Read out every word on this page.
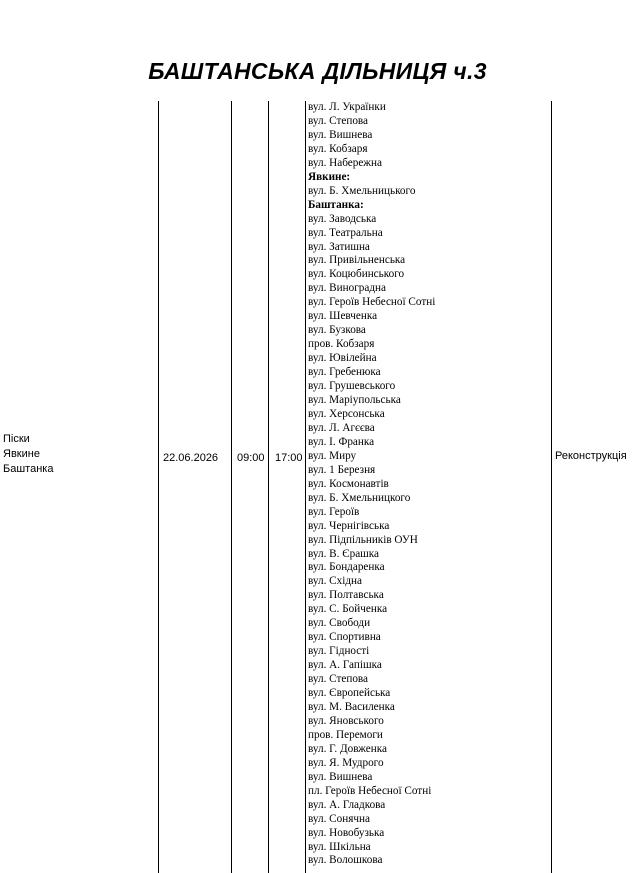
БАШТАНСЬКА ДІЛЬНИЦЯ ч.3
Піски
Явкине
Баштанка
22.06.2026 09:00 17:00
вул. Л. Українки
вул. Степова
вул. Вишнева
вул. Кобзаря
вул. Набережна
Явкине:
вул. Б. Хмельницького
Баштанка:
вул. Заводська
вул. Театральна
вул. Затишна
вул. Привільненська
вул. Коцюбинського
вул. Виноградна
вул. Героїв Небесної Сотні
вул. Шевченка
вул. Бузкова
пров. Кобзаря
вул. Ювілейна
вул. Гребенюка
вул. Грушевського
вул. Маріупольська
вул. Херсонська
вул. Л. Агєєва
вул. І. Франка
вул. Миру
вул. 1 Березня
вул. Космонавтів
вул. Б. Хмельницкого
вул. Героїв
вул. Чернігівська
вул. Підпільників ОУН
вул. В. Єрашка
вул. Бондаренка
вул. Східна
вул. Полтавська
вул. С. Бойченка
вул. Свободи
вул. Спортивна
вул. Гідності
вул. А. Гапішка
вул. Степова
вул. Європейська
вул. М. Василенка
вул. Яновського
пров. Перемоги
вул. Г. Довженка
вул. Я. Мудрого
вул. Вишнева
пл. Героїв Небесної Сотні
вул. А. Гладкова
вул. Сонячна
вул. Новобузька
вул. Шкільна
вул. Волошкова
Реконструкція
